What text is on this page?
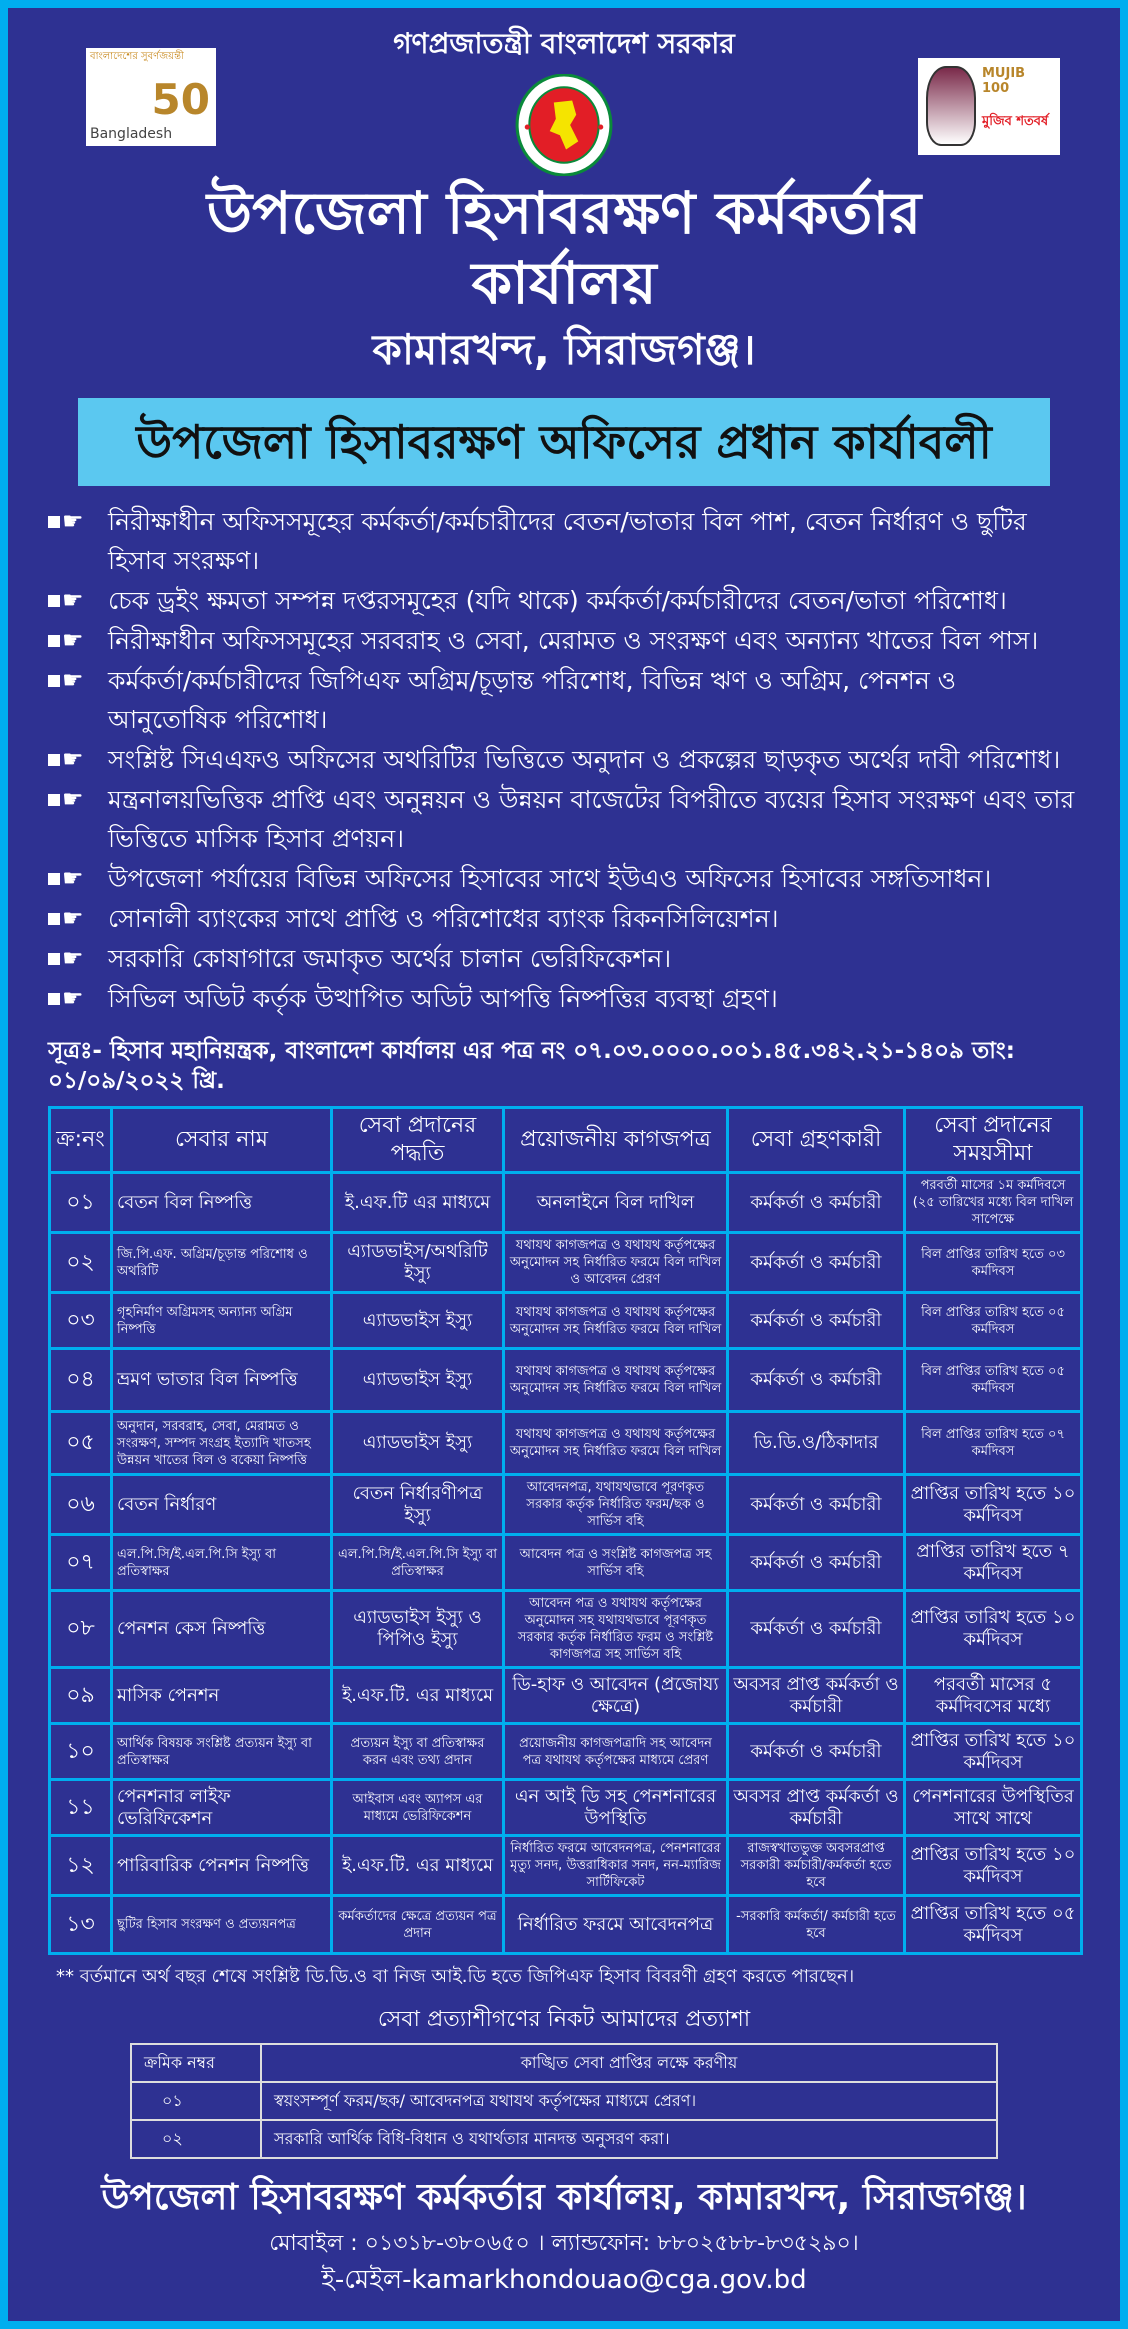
বাংলাদেশের সুবর্ণজয়ন্তী
50
Bangladesh
MUJIB 100
মুজিব শতবর্ষ
গণপ্রজাতন্ত্রী বাংলাদেশ সরকার
উপজেলা হিসাবরক্ষণ কর্মকর্তার কার্যালয়
কামারখন্দ, সিরাজগঞ্জ।
উপজেলা হিসাবরক্ষণ অফিসের প্রধান কার্যাবলী
☛ নিরীক্ষাধীন অফিসসমূহের কর্মকর্তা/কর্মচারীদের বেতন/ভাতার বিল পাশ, বেতন নির্ধারণ ও ছুটির হিসাব সংরক্ষণ।
☛ চেক ড্রইং ক্ষমতা সম্পন্ন দপ্তরসমূহের (যদি থাকে) কর্মকর্তা/কর্মচারীদের বেতন/ভাতা পরিশোধ।
☛ নিরীক্ষাধীন অফিসসমূহের সরবরাহ ও সেবা, মেরামত ও সংরক্ষণ এবং অন্যান্য খাতের বিল পাস।
☛ কর্মকর্তা/কর্মচারীদের জিপিএফ অগ্রিম/চূড়ান্ত পরিশোধ, বিভিন্ন ঋণ ও অগ্রিম, পেনশন ও আনুতোষিক পরিশোধ।
☛ সংশ্লিষ্ট সিএএফও অফিসের অথরিটির ভিত্তিতে অনুদান ও প্রকল্পের ছাড়কৃত অর্থের দাবী পরিশোধ।
☛ মন্ত্রনালয়ভিত্তিক প্রাপ্তি এবং অনুন্নয়ন ও উন্নয়ন বাজেটের বিপরীতে ব্যয়ের হিসাব সংরক্ষণ এবং তার ভিত্তিতে মাসিক হিসাব প্রণয়ন।
☛ উপজেলা পর্যায়ের বিভিন্ন অফিসের হিসাবের সাথে ইউএও অফিসের হিসাবের সঙ্গতিসাধন।
☛ সোনালী ব্যাংকের সাথে প্রাপ্তি ও পরিশোধের ব্যাংক রিকনসিলিয়েশন।
☛ সরকারি কোষাগারে জমাকৃত অর্থের চালান ভেরিফিকেশন।
☛ সিভিল অডিট কর্তৃক উত্থাপিত অডিট আপত্তি নিষ্পত্তির ব্যবস্থা গ্রহণ।
সূত্রঃ- হিসাব মহানিয়ন্ত্রক, বাংলাদেশ কার্যালয় এর পত্র নং ০৭.০৩.০০০০.০০১.৪৫.৩৪২.২১-১৪০৯ তাং: ০১/০৯/২০২২ খ্রি.
ক্র:নং	সেবার নাম	সেবা প্রদানের পদ্ধতি	প্রয়োজনীয় কাগজপত্র	সেবা গ্রহণকারী	সেবা প্রদানের সময়সীমা
০১	বেতন বিল নিষ্পত্তি	ই.এফ.টি এর মাধ্যমে	অনলাইনে বিল দাখিল	কর্মকর্তা ও কর্মচারী	পরবর্তী মাসের ১ম কর্মদিবসে (২৫ তারিখের মধ্যে বিল দাখিল সাপেক্ষে
০২	জি.পি.এফ. অগ্রিম/চূড়ান্ত পরিশোধ ও অথরিটি	এ্যাডভাইস/অথরিটি ইস্যু	যথাযথ কাগজপত্র ও যথাযথ কর্তৃপক্ষের অনুমোদন সহ নির্ধারিত ফরমে বিল দাখিল ও আবেদন প্রেরণ	কর্মকর্তা ও কর্মচারী	বিল প্রাপ্তির তারিখ হতে ০৩ কর্মদিবস
০৩	গৃহনির্মাণ অগ্রিমসহ অন্যান্য অগ্রিম নিষ্পত্তি	এ্যাডভাইস ইস্যু	যথাযথ কাগজপত্র ও যথাযথ কর্তৃপক্ষের অনুমোদন সহ নির্ধারিত ফরমে বিল দাখিল	কর্মকর্তা ও কর্মচারী	বিল প্রাপ্তির তারিখ হতে ০৫ কর্মদিবস
০৪	ভ্রমণ ভাতার বিল নিষ্পত্তি	এ্যাডভাইস ইস্যু	যথাযথ কাগজপত্র ও যথাযথ কর্তৃপক্ষের অনুমোদন সহ নির্ধারিত ফরমে বিল দাখিল	কর্মকর্তা ও কর্মচারী	বিল প্রাপ্তির তারিখ হতে ০৫ কর্মদিবস
০৫	অনুদান, সরবরাহ, সেবা, মেরামত ও সংরক্ষণ, সম্পদ সংগ্রহ ইত্যাদি খাতসহ উন্নয়ন খাতের বিল ও বকেয়া নিষ্পত্তি	এ্যাডভাইস ইস্যু	যথাযথ কাগজপত্র ও যথাযথ কর্তৃপক্ষের অনুমোদন সহ নির্ধারিত ফরমে বিল দাখিল	ডি.ডি.ও/ঠিকাদার	বিল প্রাপ্তির তারিখ হতে ০৭ কর্মদিবস
০৬	বেতন নির্ধারণ	বেতন নির্ধারণীপত্র ইস্যু	আবেদনপত্র, যথাযথভাবে পূরণকৃত সরকার কর্তৃক নির্ধারিত ফরম/ছক ও সার্ভিস বহি	কর্মকর্তা ও কর্মচারী	প্রাপ্তির তারিখ হতে ১০ কর্মদিবস
০৭	এল.পি.সি/ই.এল.পি.সি ইস্যু বা প্রতিস্বাক্ষর	এল.পি.সি/ই.এল.পি.সি ইস্যু বা প্রতিস্বাক্ষর	আবেদন পত্র ও সংশ্লিষ্ট কাগজপত্র সহ সার্ভিস বহি	কর্মকর্তা ও কর্মচারী	প্রাপ্তির তারিখ হতে ৭ কর্মদিবস
০৮	পেনশন কেস নিষ্পত্তি	এ্যাডভাইস ইস্যু ও পিপিও ইস্যু	আবেদন পত্র ও যথাযথ কর্তৃপক্ষের অনুমোদন সহ যথাযথভাবে পূরণকৃত সরকার কর্তৃক নির্ধারিত ফরম ও সংশ্লিষ্ট কাগজপত্র সহ সার্ভিস বহি	কর্মকর্তা ও কর্মচারী	প্রাপ্তির তারিখ হতে ১০ কর্মদিবস
০৯	মাসিক পেনশন	ই.এফ.টি. এর মাধ্যমে	ডি-হাফ ও আবেদন (প্রজোয্য ক্ষেত্রে)	অবসর প্রাপ্ত কর্মকর্তা ও কর্মচারী	পরবর্তী মাসের ৫ কর্মদিবসের মধ্যে
১০	আর্থিক বিষয়ক সংশ্লিষ্ট প্রত্যয়ন ইস্যু বা প্রতিস্বাক্ষর	প্রত্যয়ন ইস্যু বা প্রতিস্বাক্ষর করন এবং তথ্য প্রদান	প্রয়োজনীয় কাগজপত্রাদি সহ আবেদন পত্র যথাযথ কর্তৃপক্ষের মাধ্যমে প্রেরণ	কর্মকর্তা ও কর্মচারী	প্রাপ্তির তারিখ হতে ১০ কর্মদিবস
১১	পেনশনার লাইফ ভেরিফিকেশন	আইবাস এবং অ্যাপস এর মাধ্যমে ভেরিফিকেশন	এন আই ডি সহ পেনশনারের উপস্থিতি	অবসর প্রাপ্ত কর্মকর্তা ও কর্মচারী	পেনশনারের উপস্থিতির সাথে সাথে
১২	পারিবারিক পেনশন নিষ্পত্তি	ই.এফ.টি. এর মাধ্যমে	নির্ধারিত ফরমে আবেদনপত্র, পেনশনারের মৃত্যু সনদ, উত্তরাধিকার সনদ, নন-ম্যারিজ সার্টিফিকেট	রাজস্বখাতভুক্ত অবসরপ্রাপ্ত সরকারী কর্মচারী/কর্মকর্তা হতে হবে	প্রাপ্তির তারিখ হতে ১০ কর্মদিবস
১৩	ছুটির হিসাব সংরক্ষণ ও প্রত্যয়নপত্র	কর্মকর্তাদের ক্ষেত্রে প্রত্যয়ন পত্র প্রদান	নির্ধারিত ফরমে আবেদনপত্র	-সরকারি কর্মকর্তা/ কর্মচারী হতে হবে	প্রাপ্তির তারিখ হতে ০৫ কর্মদিবস
** বর্তমানে অর্থ বছর শেষে সংশ্লিষ্ট ডি.ডি.ও বা নিজ আই.ডি হতে জিপিএফ হিসাব বিবরণী গ্রহণ করতে পারছেন।
সেবা প্রত্যাশীগণের নিকট আমাদের প্রত্যাশা
ক্রমিক নম্বর	কাঙ্খিত সেবা প্রাপ্তির লক্ষে করণীয়
০১	স্বয়ংসম্পূর্ণ ফরম/ছক/ আবেদনপত্র যথাযথ কর্তৃপক্ষের মাধ্যমে প্রেরণ।
০২	সরকারি আর্থিক বিধি-বিধান ও যথার্থতার মানদন্ত অনুসরণ করা।
উপজেলা হিসাবরক্ষণ কর্মকর্তার কার্যালয়, কামারখন্দ, সিরাজগঞ্জ।
মোবাইল : ০১৩১৮-৩৮০৬৫০ । ল্যান্ডফোন: ৮৮০২৫৮৮-৮৩৫২৯০।
ই-মেইল-kamarkhondouao@cga.gov.bd
